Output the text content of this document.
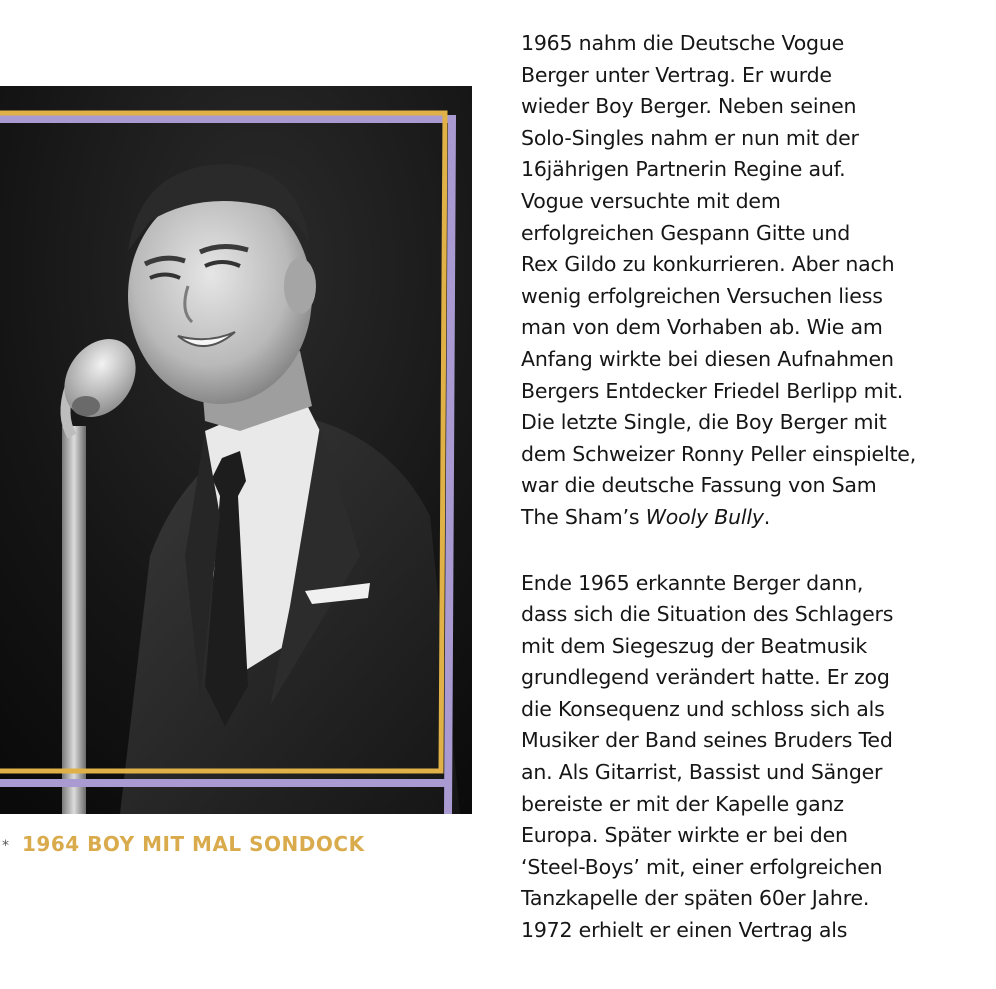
* 1964 BOY MIT MAL SONDOCK
1965 nahm die Deutsche Vogue
Berger unter Vertrag. Er wurde
wieder Boy Berger. Neben seinen
Solo-Singles nahm er nun mit der
16jährigen Partnerin Regine auf.
Vogue versuchte mit dem
erfolgreichen Gespann Gitte und
Rex Gildo zu konkurrieren. Aber nach
wenig erfolgreichen Versuchen liess
man von dem Vorhaben ab. Wie am
Anfang wirkte bei diesen Aufnahmen
Bergers Entdecker Friedel Berlipp mit.
Die letzte Single, die Boy Berger mit
dem Schweizer Ronny Peller einspielte,
war die deutsche Fassung von Sam
The Sham’s Wooly Bully.
Ende 1965 erkannte Berger dann,
dass sich die Situation des Schlagers
mit dem Siegeszug der Beatmusik
grundlegend verändert hatte. Er zog
die Konsequenz und schloss sich als
Musiker der Band seines Bruders Ted
an. Als Gitarrist, Bassist und Sänger
bereiste er mit der Kapelle ganz
Europa. Später wirkte er bei den
‘Steel-Boys’ mit, einer erfolgreichen
Tanzkapelle der späten 60er Jahre.
1972 erhielt er einen Vertrag als
